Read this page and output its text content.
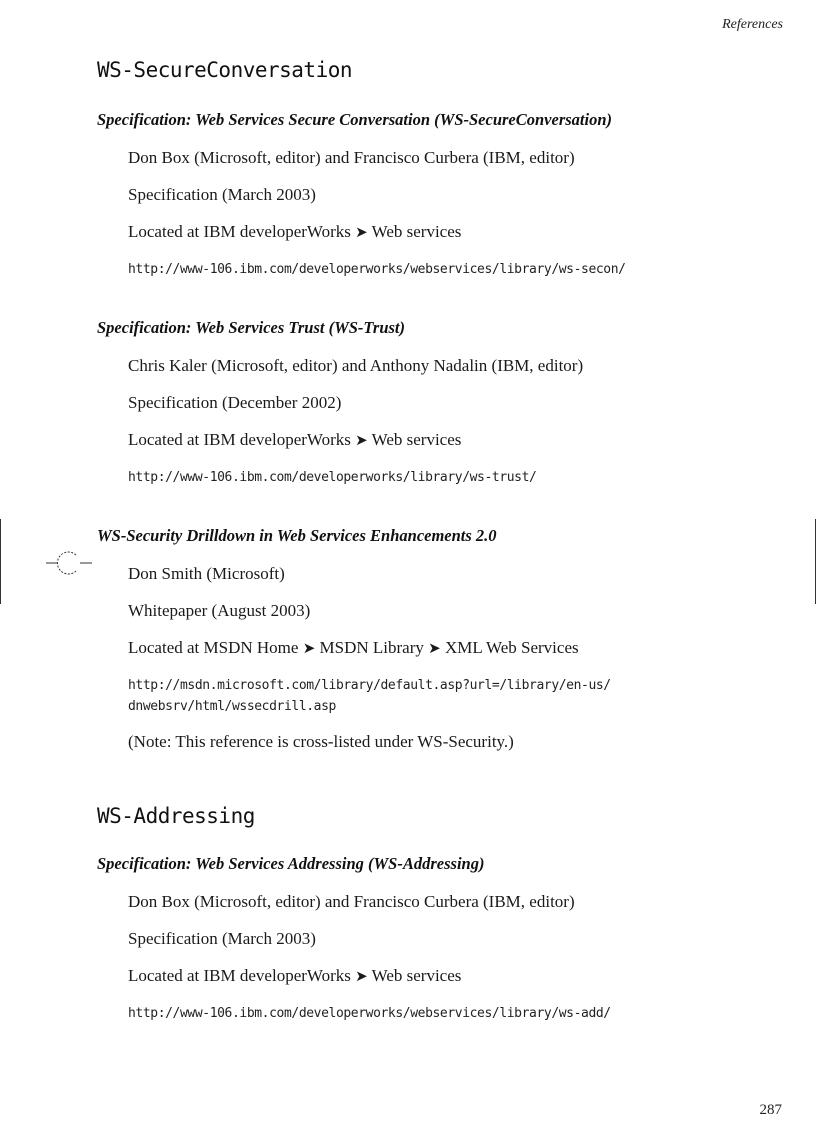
References
WS-SecureConversation

Specification: Web Services Secure Conversation (WS-SecureConversation)

Don Box (Microsoft, editor) and Francisco Curbera (IBM, editor)
Specification (March 2003)
Located at IBM developerWorks ➤ Web services
http://www-106.ibm.com/developerworks/webservices/library/ws-secon/

Specification: Web Services Trust (WS-Trust)

Chris Kaler (Microsoft, editor) and Anthony Nadalin (IBM, editor)
Specification (December 2002)
Located at IBM developerWorks ➤ Web services
http://www-106.ibm.com/developerworks/library/ws-trust/

WS-Security Drilldown in Web Services Enhancements 2.0

Don Smith (Microsoft)
Whitepaper (August 2003)
Located at MSDN Home ➤ MSDN Library ➤ XML Web Services
http://msdn.microsoft.com/library/default.asp?url=/library/en-us/
dnwebsrv/html/wssecdrill.asp
(Note: This reference is cross-listed under WS-Security.)
WS-Addressing

Specification: Web Services Addressing (WS-Addressing)

Don Box (Microsoft, editor) and Francisco Curbera (IBM, editor)
Specification (March 2003)
Located at IBM developerWorks ➤ Web services
http://www-106.ibm.com/developerworks/webservices/library/ws-add/
287
